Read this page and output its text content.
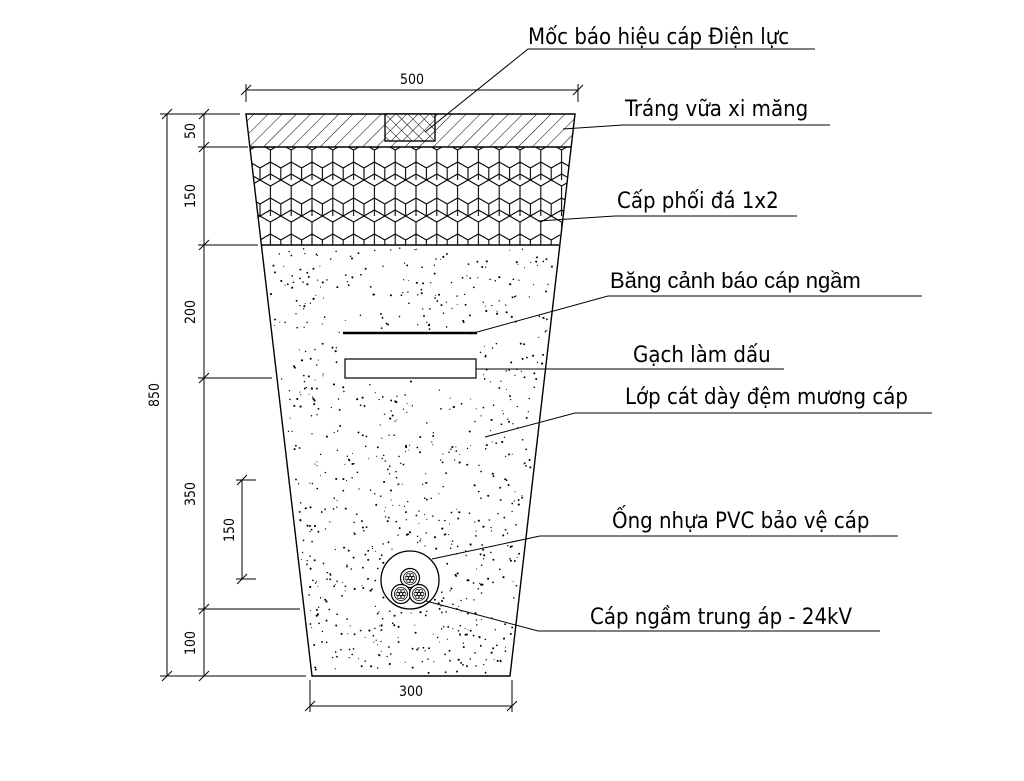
Mốc báo hiệu cáp Điện lực
Tráng vữa xi măng
Cấp phối đá 1x2
Băng cảnh báo cáp ngầm
Gạch làm dấu
Lớp cát dày đệm mương cáp
Ống nhựa PVC bảo vệ cáp
Cáp ngầm trung áp - 24kV
500
300
850
50
150
200
350
100
150
